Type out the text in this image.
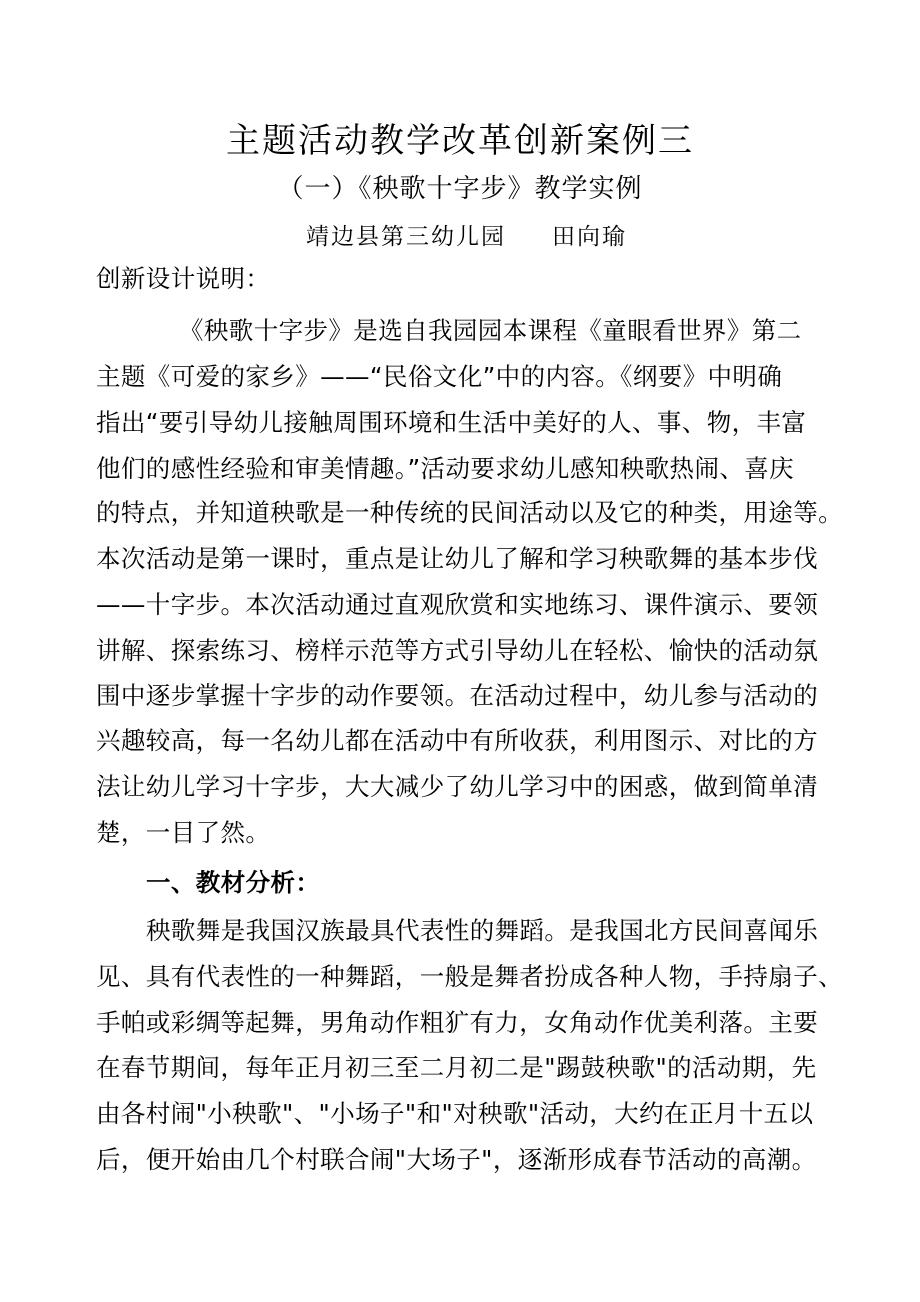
主题活动教学改革创新案例三
（一）《秧歌十字步》教学实例
靖边县第三幼儿园 田向瑜
创新设计说明：
《秧歌十字步》是选自我园园本课程《童眼看世界》第二
主题《可爱的家乡》——“民俗文化”中的内容。《纲要》中明确
指出“要引导幼儿接触周围环境和生活中美好的人、事、物，丰富
他们的感性经验和审美情趣。”活动要求幼儿感知秧歌热闹、喜庆
的特点，并知道秧歌是一种传统的民间活动以及它的种类，用途等。
本次活动是第一课时，重点是让幼儿了解和学习秧歌舞的基本步伐
——十字步。本次活动通过直观欣赏和实地练习、课件演示、要领
讲解、探索练习、榜样示范等方式引导幼儿在轻松、愉快的活动氛
围中逐步掌握十字步的动作要领。在活动过程中，幼儿参与活动的
兴趣较高，每一名幼儿都在活动中有所收获，利用图示、对比的方
法让幼儿学习十字步，大大减少了幼儿学习中的困惑，做到简单清
楚，一目了然。
一、教材分析：
秧歌舞是我国汉族最具代表性的舞蹈。是我国北方民间喜闻乐
见、具有代表性的一种舞蹈，一般是舞者扮成各种人物，手持扇子、
手帕或彩绸等起舞，男角动作粗犷有力，女角动作优美利落。主要
在春节期间，每年正月初三至二月初二是"踢鼓秧歌"的活动期，先
由各村闹"小秧歌"、"小场子"和"对秧歌"活动，大约在正月十五以
后，便开始由几个村联合闹"大场子"，逐渐形成春节活动的高潮。
